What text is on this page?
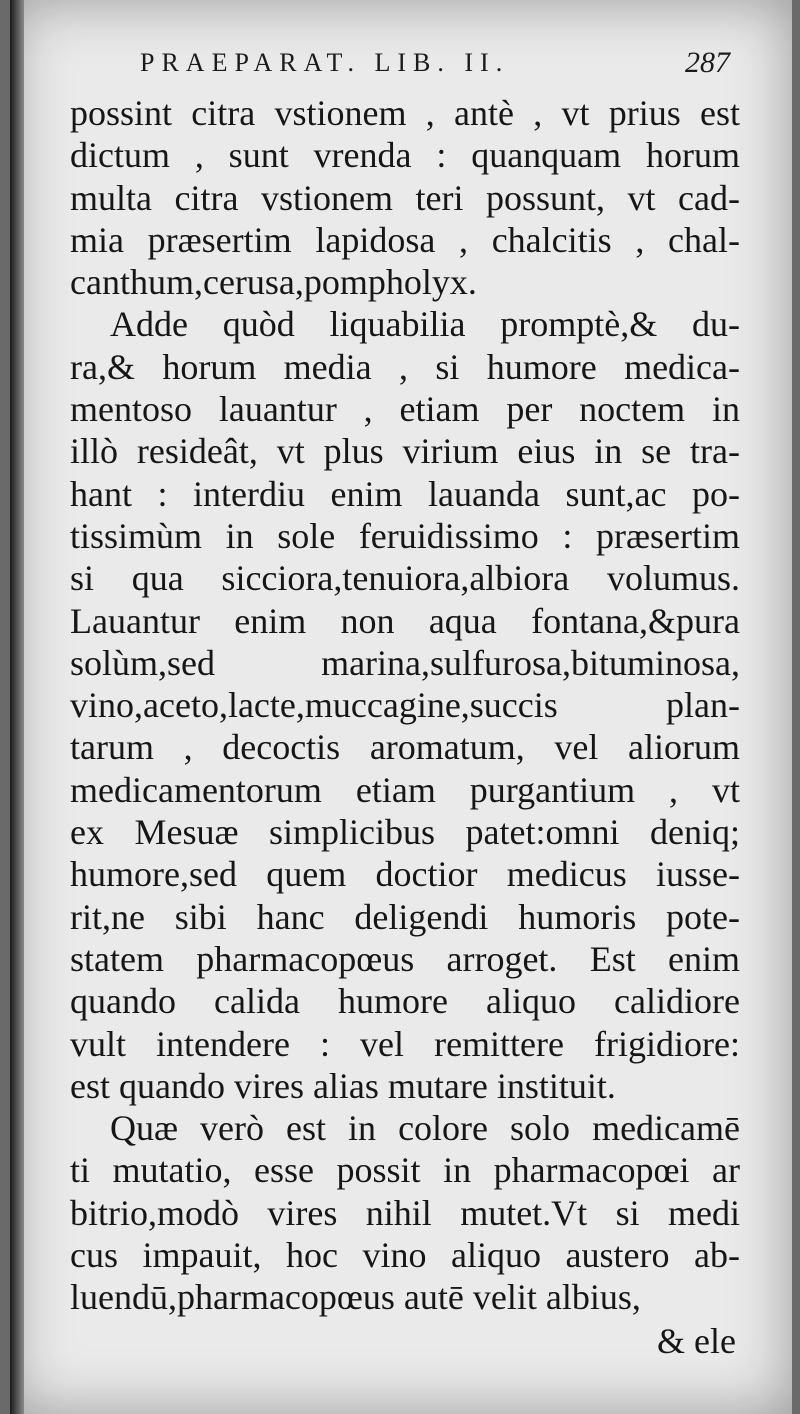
PRAEPARAT. LIB. II.	287
possint citra vstionem , antè , vt prius est
dictum , sunt vrenda : quanquam horum
multa citra vstionem teri possunt, vt cad-
mia præsertim lapidosa , chalcitis , chal-
canthum,cerusa,pompholyx.
Adde quòd liquabilia promptè,& du-
ra,& horum media , si humore medica-
mentoso lauantur , etiam per noctem in
illò resideât, vt plus virium eius in se tra-
hant : interdiu enim lauanda sunt,ac po-
tissimùm in sole feruidissimo : præsertim
si qua sicciora,tenuiora,albiora volumus.
Lauantur enim non aqua fontana,&pura
solùm,sed marina,sulfurosa,bituminosa,
vino,aceto,lacte,muccagine,succis plan-
tarum , decoctis aromatum, vel aliorum
medicamentorum etiam purgantium , vt
ex Mesuæ simplicibus patet:omni deniq;
humore,sed quem doctior medicus iusse-
rit,ne sibi hanc deligendi humoris pote-
statem pharmacopœus arroget. Est enim
quando calida humore aliquo calidiore
vult intendere : vel remittere frigidiore:
est quando vires alias mutare instituit.
Quæ verò est in colore solo medicamē
ti mutatio, esse possit in pharmacopœi ar
bitrio,modò vires nihil mutet.Vt si medi
cus impauit, hoc vino aliquo austero ab-
luendū,pharmacopœus autē velit albius,
& ele
